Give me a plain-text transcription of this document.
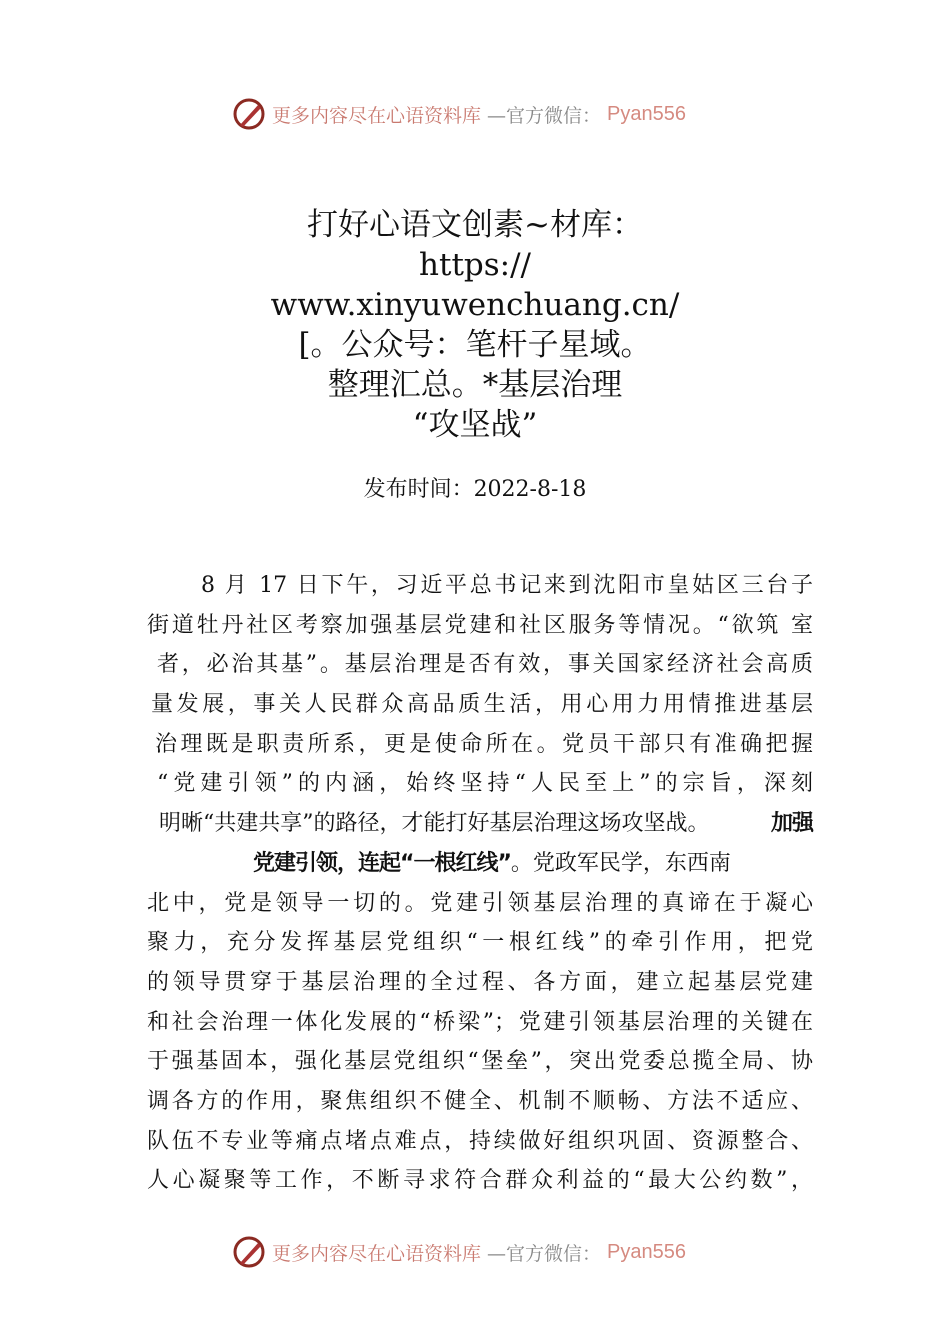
更多内容尽在心语资料库 —官方微信： Pyan556
打好心语文创素~材库：
https://
www.xinyuwenchuang.cn/
[。公众号：笔杆子星域。
整理汇总。*基层治理
“攻坚战”
发布时间：2022-8-18
8 月 17 日下午，习近平总书记来到沈阳市皇姑区三台子
街道牡丹社区考察加强基层党建和社区服务等情况。“欲筑 室
者，必治其基”。基层治理是否有效，事关国家经济社会高质
量发展，事关人民群众高品质生活，用心用力用情推进基层
治理既是职责所系，更是使命所在。党员干部只有准确把握
“党建引领”的内涵，始终坚持“人民至上”的宗旨，深刻
明晰“共建共享”的路径，才能打好基层治理这场攻坚战。	加强
党建引领，连起“一根红线”。党政军民学，东西南
北中，党是领导一切的。党建引领基层治理的真谛在于凝心
聚力，充分发挥基层党组织“一根红线”的牵引作用，把党
的领导贯穿于基层治理的全过程、各方面，建立起基层党建
和社会治理一体化发展的“桥梁”；党建引领基层治理的关键在
于强基固本，强化基层党组织“堡垒”，突出党委总揽全局、协
调各方的作用，聚焦组织不健全、机制不顺畅、方法不适应、
队伍不专业等痛点堵点难点，持续做好组织巩固、资源整合、
人心凝聚等工作，不断寻求符合群众利益的“最大公约数”，
更多内容尽在心语资料库 —官方微信： Pyan556
